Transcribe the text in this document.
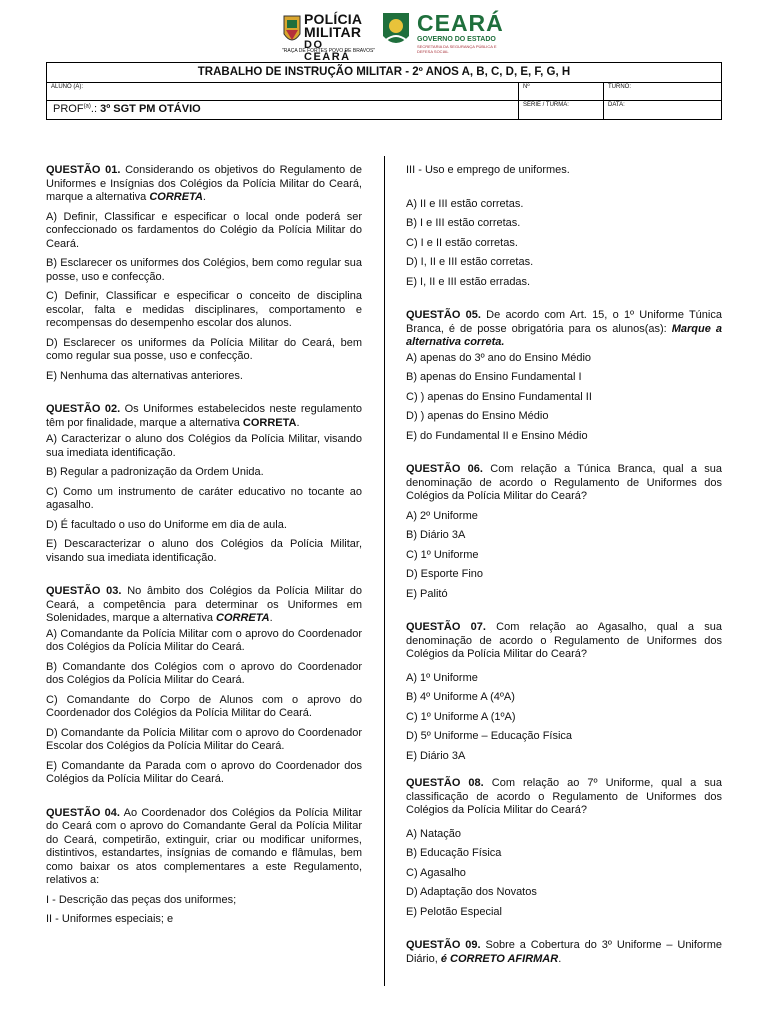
POLÍCIA
MILITAR
DO CEARÁ
"RAÇA DE FORTES POVO DE BRAVOS"
CEARÁ
GOVERNO DO ESTADO
SECRETARIA DA SEGURANÇA PÚBLICA E DEFESA SOCIAL
TRABALHO DE INSTRUÇÃO MILITAR - 2º ANOS A, B, C, D, E, F, G, H
ALUNO (A):	Nº	TURNO:
PROF$^{(a)}$.: 3º SGT PM OTÁVIO	SÉRIE / TURMA:	DATA:

QUESTÃO 01. Considerando os objetivos do Regulamento de Uniformes e Insígnias dos Colégios da Polícia Militar do Ceará, marque a alternativa CORRETA.

A) Definir, Classificar e especificar o local onde poderá ser confeccionado os fardamentos do Colégio da Polícia Militar do Ceará.

B) Esclarecer os uniformes dos Colégios, bem como regular sua posse, uso e confecção.

C) Definir, Classificar e especificar o conceito de disciplina escolar, falta e medidas disciplinares, comportamento e recompensas do desempenho escolar dos alunos.

D) Esclarecer os uniformes da Polícia Militar do Ceará, bem como regular sua posse, uso e confecção.

E) Nenhuma das alternativas anteriores.

QUESTÃO 02. Os Uniformes estabelecidos neste regulamento têm por finalidade, marque a alternativa CORRETA.

A) Caracterizar o aluno dos Colégios da Polícia Militar, visando sua imediata identificação.

B) Regular a padronização da Ordem Unida.

C) Como um instrumento de caráter educativo no tocante ao agasalho.

D) É facultado o uso do Uniforme em dia de aula.

E) Descaracterizar o aluno dos Colégios da Polícia Militar, visando sua imediata identificação.

QUESTÃO 03. No âmbito dos Colégios da Polícia Militar do Ceará, a competência para determinar os Uniformes em Solenidades, marque a alternativa CORRETA.

A) Comandante da Polícia Militar com o aprovo do Coordenador dos Colégios da Polícia Militar do Ceará.

B) Comandante dos Colégios com o aprovo do Coordenador dos Colégios da Polícia Militar do Ceará.

C) Comandante do Corpo de Alunos com o aprovo do Coordenador dos Colégios da Polícia Militar do Ceará.

D) Comandante da Polícia Militar com o aprovo do Coordenador Escolar dos Colégios da Polícia Militar do Ceará.

E) Comandante da Parada com o aprovo do Coordenador dos Colégios da Polícia Militar do Ceará.

QUESTÃO 04. Ao Coordenador dos Colégios da Polícia Militar do Ceará com o aprovo do Comandante Geral da Polícia Militar do Ceará, competirão, extinguir, criar ou modificar uniformes, distintivos, estandartes, insígnias de comando e flâmulas, bem como baixar os atos complementares a este Regulamento, relativos a:

I - Descrição das peças dos uniformes;

II - Uniformes especiais; e

III - Uso e emprego de uniformes.

A) II e III estão corretas.

B) I e III estão corretas.

C) I e II estão corretas.

D) I, II e III estão corretas.

E) I, II e III estão erradas.

QUESTÃO 05. De acordo com Art. 15, o 1º Uniforme Túnica Branca, é de posse obrigatória para os alunos(as): Marque a alternativa correta.

A) apenas do 3º ano do Ensino Médio

B) apenas do Ensino Fundamental I

C) ) apenas do Ensino Fundamental II

D) ) apenas do Ensino Médio

E) do Fundamental II e Ensino Médio

QUESTÃO 06. Com relação a Túnica Branca, qual a sua denominação de acordo o Regulamento de Uniformes dos Colégios da Polícia Militar do Ceará?

A) 2º Uniforme

B) Diário 3A

C) 1º Uniforme

D) Esporte Fino

E) Palitó

QUESTÃO 07. Com relação ao Agasalho, qual a sua denominação de acordo o Regulamento de Uniformes dos Colégios da Polícia Militar do Ceará?

A) 1º Uniforme

B) 4º Uniforme A (4ºA)

C) 1º Uniforme A (1ºA)

D) 5º Uniforme – Educação Física

E) Diário 3A

QUESTÃO 08. Com relação ao 7º Uniforme, qual a sua classificação de acordo o Regulamento de Uniformes dos Colégios da Polícia Militar do Ceará?

A) Natação

B) Educação Física

C) Agasalho

D) Adaptação dos Novatos

E) Pelotão Especial

QUESTÃO 09. Sobre a Cobertura do 3º Uniforme – Uniforme Diário, é CORRETO AFIRMAR.
